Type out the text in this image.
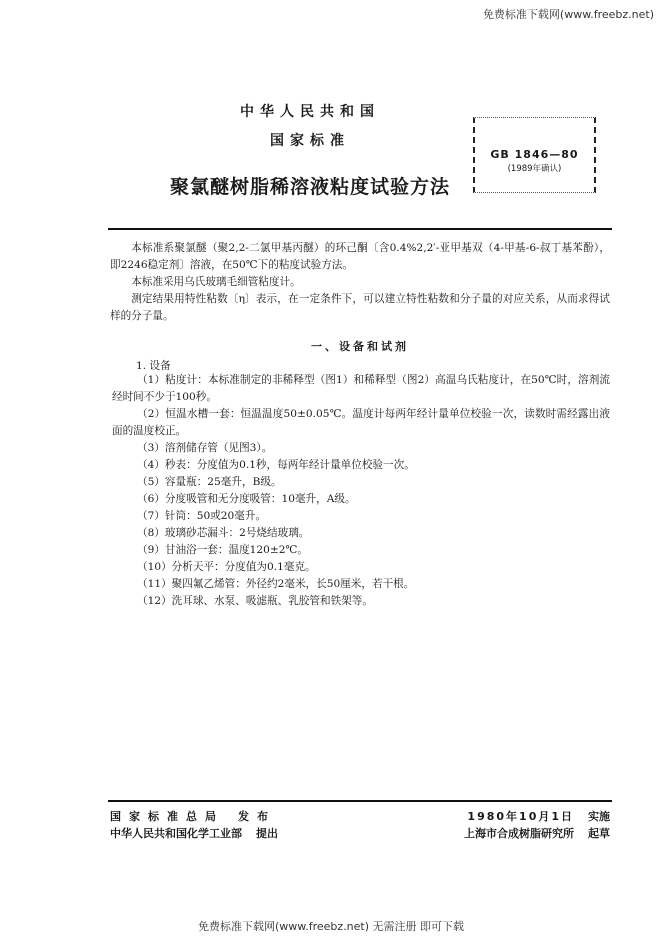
免费标准下载网(www.freebz.net)
中华人民共和国
国家标准
聚氯醚树脂稀溶液粘度试验方法
GB 1846—80
(1989年确认)

本标准系聚氯醚（聚2,2-二氯甲基丙醚）的环己酮〔含0.4%2,2′-亚甲基双（4-甲基-6-叔丁基苯酚），即2246稳定剂〕溶液，在50℃下的粘度试验方法。

本标准采用乌氏玻璃毛细管粘度计。

测定结果用特性粘数〔η〕表示，在一定条件下，可以建立特性粘数和分子量的对应关系，从而求得试样的分子量。

一、设备和试剂
1. 设备

（1）粘度计：本标准制定的非稀释型（图1）和稀释型（图2）高温乌氏粘度计，在50℃时，溶剂流经时间不少于100秒。

（2）恒温水槽一套：恒温温度50±0.05℃。温度计每两年经计量单位校验一次，读数时需经露出液面的温度校正。

（3）溶剂储存管（见图3）。

（4）秒表：分度值为0.1秒，每两年经计量单位校验一次。

（5）容量瓶：25毫升，B级。

（6）分度吸管和无分度吸管：10毫升，A级。

（7）针筒：50或20毫升。

（8）玻璃砂芯漏斗：2号烧结玻璃。

（9）甘油浴一套：温度120±2℃。

（10）分析天平：分度值为0.1毫克。

（11）聚四氟乙烯管：外径约2毫米，长50厘米，若干根。

（12）洗耳球、水泵、吸滤瓶、乳胶管和铁架等。

国家标准总局 发布
中华人民共和国化学工业部 提出
1980年10月1日 实施
上海市合成树脂研究所 起草
免费标准下载网(www.freebz.net) 无需注册 即可下载
